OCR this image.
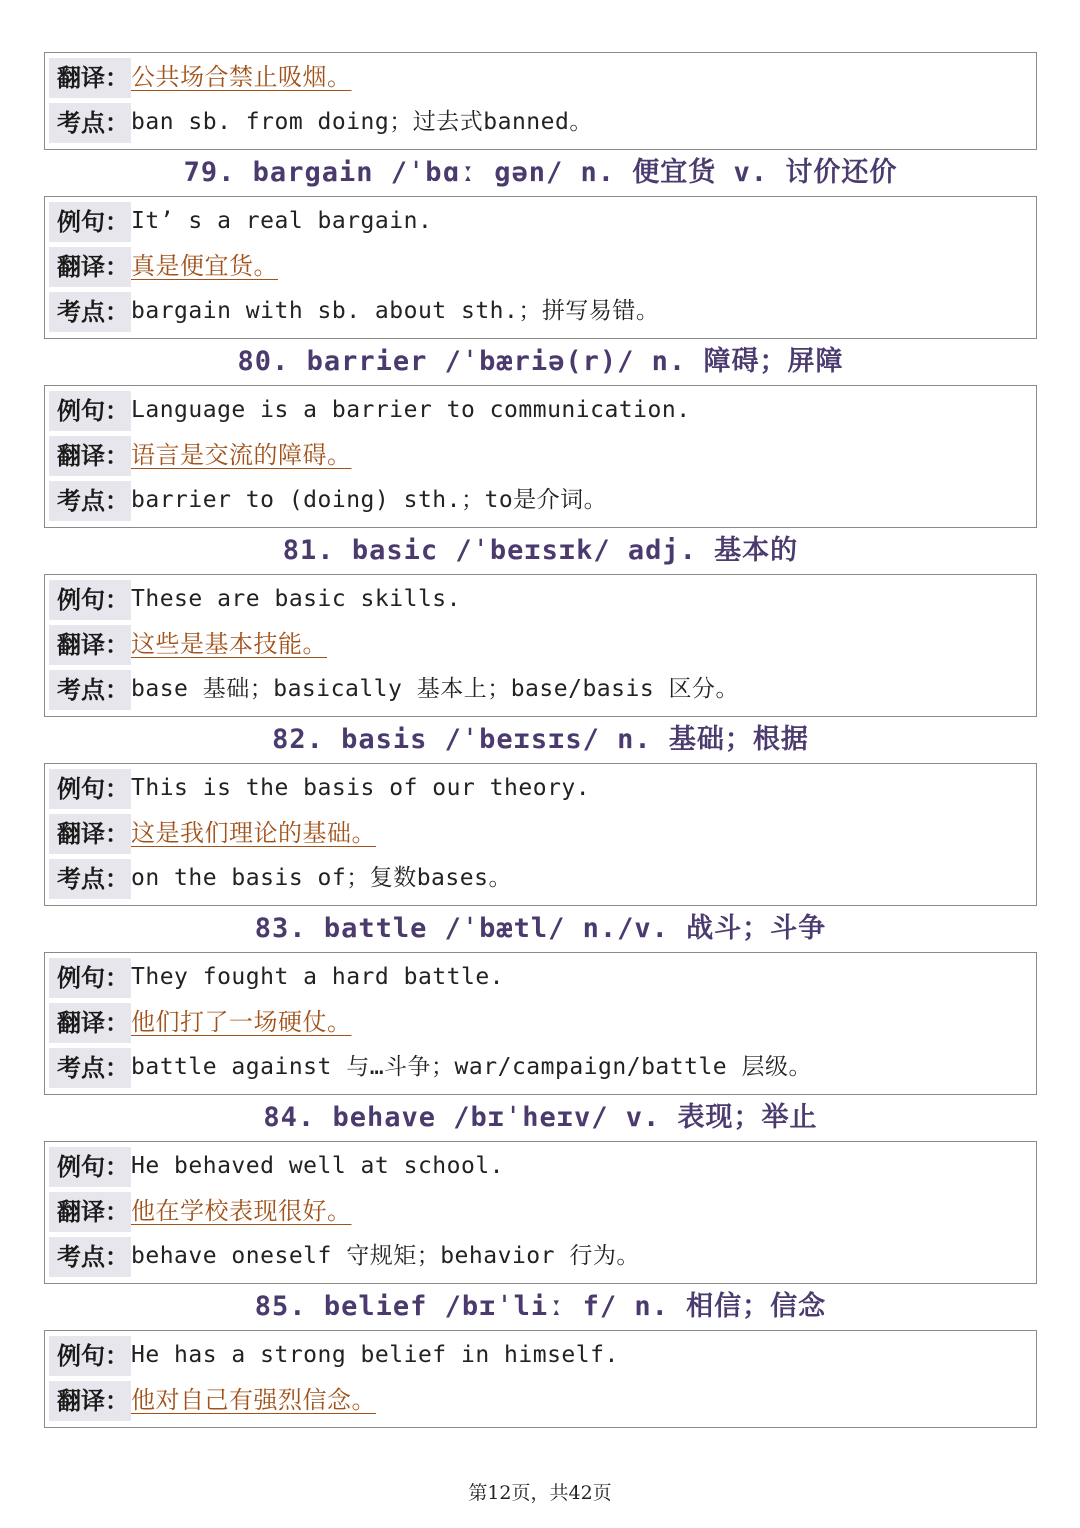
翻译： 公共场合禁止吸烟。
考点： ban sb. from doing；过去式banned。
79. bargain /ˈbɑː gən/ n. 便宜货 v. 讨价还价
例句： It’ s a real bargain.
翻译： 真是便宜货。
考点： bargain with sb. about sth.；拼写易错。
80. barrier /ˈbæriə(r)/ n. 障碍；屏障
例句： Language is a barrier to communication.
翻译： 语言是交流的障碍。
考点： barrier to (doing) sth.；to是介词。
81. basic /ˈbeɪsɪk/ adj. 基本的
例句： These are basic skills.
翻译： 这些是基本技能。
考点： base 基础；basically 基本上；base/basis 区分。
82. basis /ˈbeɪsɪs/ n. 基础；根据
例句： This is the basis of our theory.
翻译： 这是我们理论的基础。
考点： on the basis of；复数bases。
83. battle /ˈbætl/ n./v. 战斗；斗争
例句： They fought a hard battle.
翻译： 他们打了一场硬仗。
考点： battle against 与…斗争；war/campaign/battle 层级。
84. behave /bɪˈheɪv/ v. 表现；举止
例句： He behaved well at school.
翻译： 他在学校表现很好。
考点： behave oneself 守规矩；behavior 行为。
85. belief /bɪˈliː f/ n. 相信；信念
例句： He has a strong belief in himself.
翻译： 他对自己有强烈信念。
第12页，共42页
